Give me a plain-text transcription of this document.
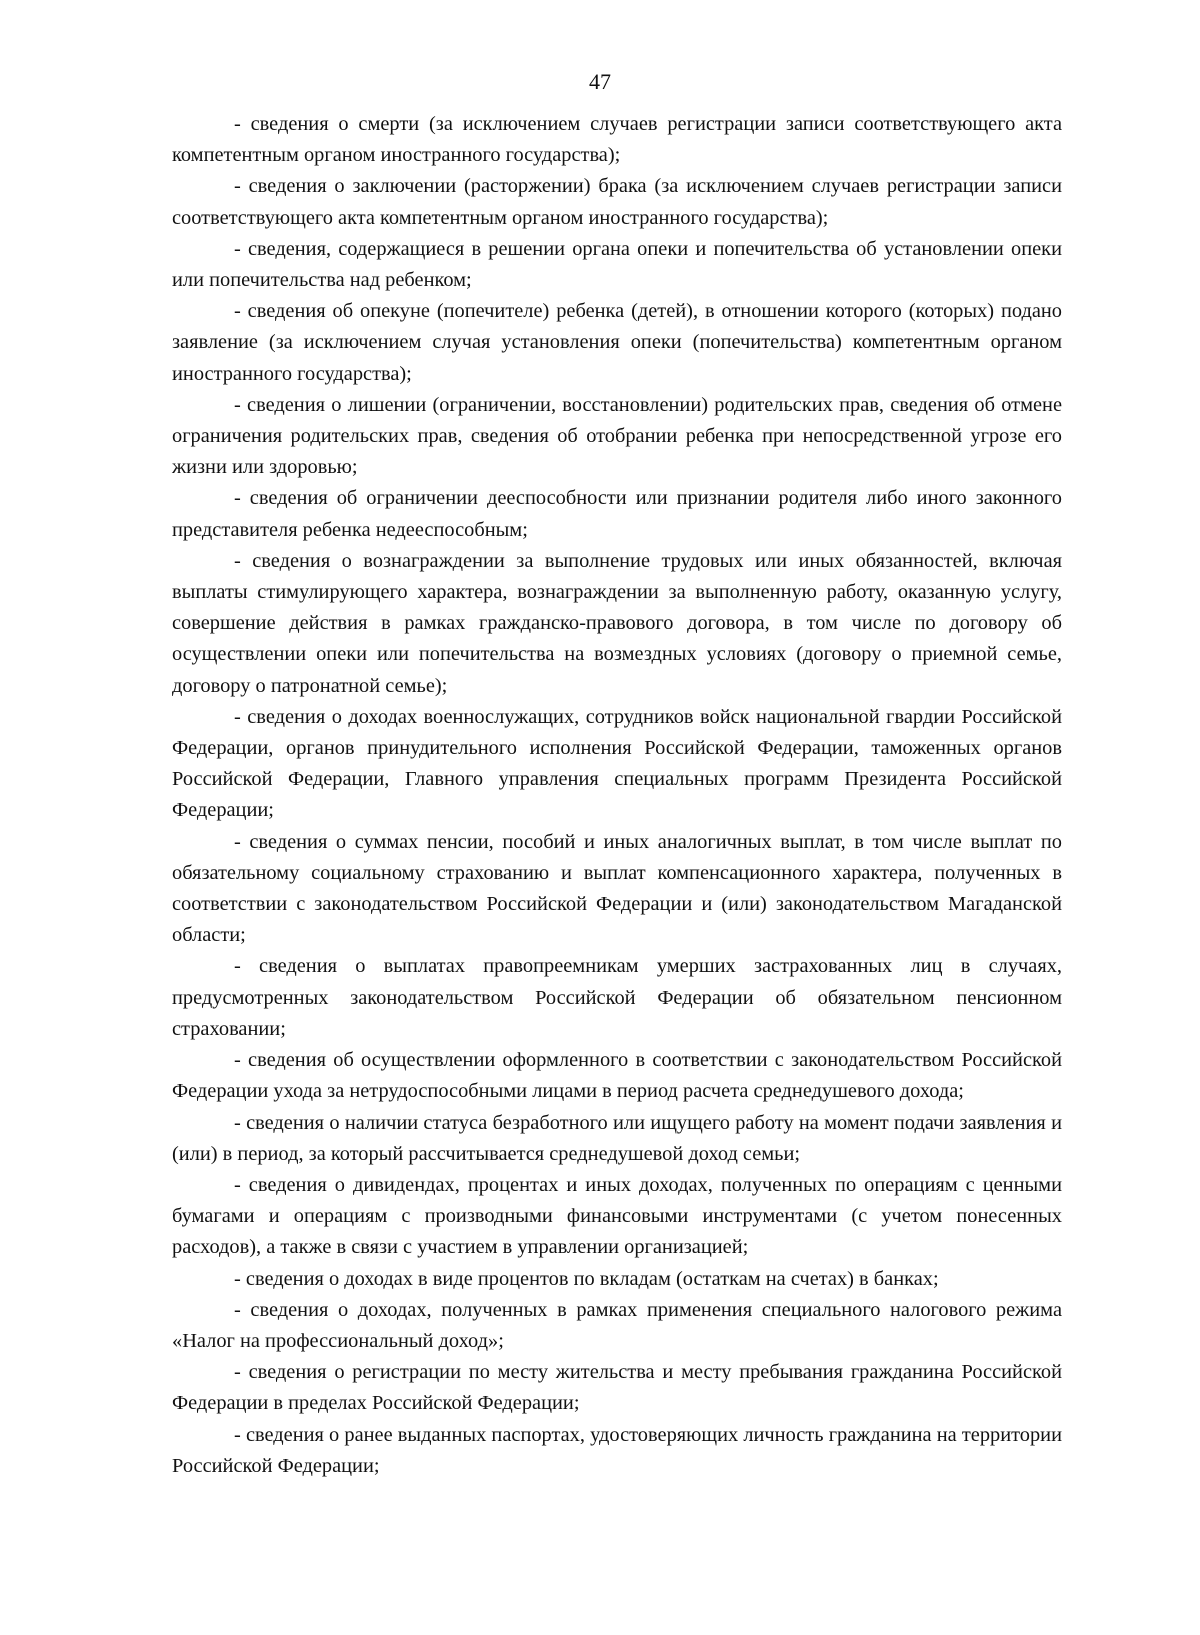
47

- сведения о смерти (за исключением случаев регистрации записи соответствующего акта компетентным органом иностранного государства);

- сведения о заключении (расторжении) брака (за исключением случаев регистрации записи соответствующего акта компетентным органом иностранного государства);

- сведения, содержащиеся в решении органа опеки и попечительства об установлении опеки или попечительства над ребенком;

- сведения об опекуне (попечителе) ребенка (детей), в отношении которого (которых) подано заявление (за исключением случая установления опеки (попечительства) компетентным органом иностранного государства);

- сведения о лишении (ограничении, восстановлении) родительских прав, сведения об отмене ограничения родительских прав, сведения об отобрании ребенка при непосредственной угрозе его жизни или здоровью;

- сведения об ограничении дееспособности или признании родителя либо иного законного представителя ребенка недееспособным;

- сведения о вознаграждении за выполнение трудовых или иных обязанностей, включая выплаты стимулирующего характера, вознаграждении за выполненную работу, оказанную услугу, совершение действия в рамках гражданско-правового договора, в том числе по договору об осуществлении опеки или попечительства на возмездных условиях (договору о приемной семье, договору о патронатной семье);

- сведения о доходах военнослужащих, сотрудников войск национальной гвардии Российской Федерации, органов принудительного исполнения Российской Федерации, таможенных органов Российской Федерации, Главного управления специальных программ Президента Российской Федерации;

- сведения о суммах пенсии, пособий и иных аналогичных выплат, в том числе выплат по обязательному социальному страхованию и выплат компенсационного характера, полученных в соответствии с законодательством Российской Федерации и (или) законодательством Магаданской области;

- сведения о выплатах правопреемникам умерших застрахованных лиц в случаях, предусмотренных законодательством Российской Федерации об обязательном пенсионном страховании;

- сведения об осуществлении оформленного в соответствии с законодательством Российской Федерации ухода за нетрудоспособными лицами в период расчета среднедушевого дохода;

- сведения о наличии статуса безработного или ищущего работу на момент подачи заявления и (или) в период, за который рассчитывается среднедушевой доход семьи;

- сведения о дивидендах, процентах и иных доходах, полученных по операциям с ценными бумагами и операциям с производными финансовыми инструментами (с учетом понесенных расходов), а также в связи с участием в управлении организацией;

- сведения о доходах в виде процентов по вкладам (остаткам на счетах) в банках;

- сведения о доходах, полученных в рамках применения специального налогового режима «Налог на профессиональный доход»;

- сведения о регистрации по месту жительства и месту пребывания гражданина Российской Федерации в пределах Российской Федерации;

- сведения о ранее выданных паспортах, удостоверяющих личность гражданина на территории Российской Федерации;
